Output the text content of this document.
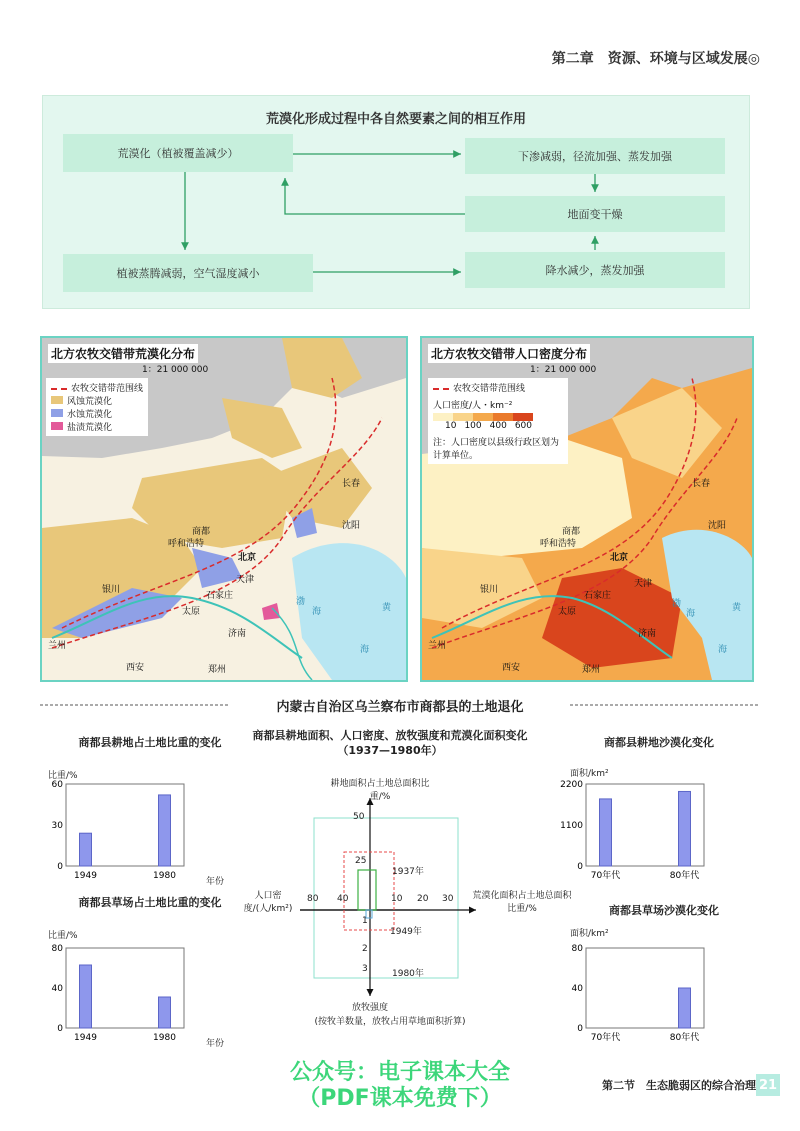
第二章　资源、环境与区域发展◎
荒漠化形成过程中各自然要素之间的相互作用
荒漠化（植被覆盖减少）	下渗减弱，径流加强、蒸发加强
地面变干燥
植被蒸腾减弱，空气湿度减小	降水减少，蒸发加强
北方农牧交错带荒漠化分布
1：21 000 000
农牧交错带范围线
风蚀荒漠化
水蚀荒漠化
盐渍荒漠化
长春
商都
呼和浩特
北京
沈阳
银川
天津
石家庄
太原
济南
兰州
西安	郑州
渤
海	黄
海
北方农牧交错带人口密度分布
1：21 000 000
农牧交错带范围线
人口密度/人・km⁻²
10 100 400 600
注：人口密度以县级行政区划为计算单位。
长春
商都
呼和浩特
北京
沈阳
银川
天津
石家庄
太原
济南
兰州
西安	郑州
渤
海
黄
海
内蒙古自治区乌兰察布市商都县的土地退化
商都县耕地占土地比重的变化
比重/%
年份
60
30
0
1949	1980
商都县草场占土地比重的变化
比重/%
年份
80
40
0
1949	1980
商都县耕地沙漠化变化
面积/km²
2200
1100
0
70年代	80年代
商都县草场沙漠化变化
面积/km²
80
40
0
70年代	80年代
商都县耕地面积、人口密度、放牧强度和荒漠化面积变化（1937—1980年）
耕地面积占土地总面积比重/%
人口密度/(人/km²)
荒漠化面积占土地总面积比重/%
放牧强度
(按牧羊数量，放牧占用草地面积折算)
50
25
80 40	10 20 30
1
2
3
1937年
1949年
1980年
公众号：电子课本大全
（PDF课本免费下）
第二节　生态脆弱区的综合治理 21
